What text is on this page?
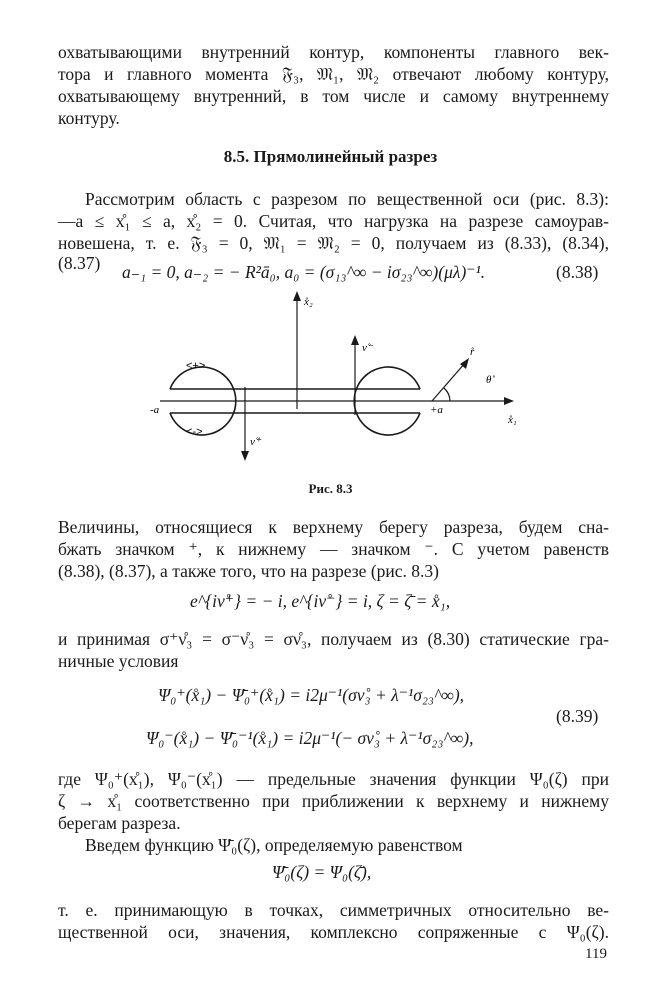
охватывающими внутренний контур, компоненты главного век-
тора и главного момента 𝔉₃, 𝔐₁, 𝔐₂ отвечают любому контуру,
охватывающему внутренний, в том числе и самому внутреннему
контуру.
8.5. Прямолинейный разрез
Рассмотрим область с разрезом по вещественной оси (рис. 8.3):
—a ≤ x̊₁ ≤ a, x̊₂ = 0. Считая, что нагрузка на разрезе самоурав-
новешена, т. е. 𝔉₃ = 0, 𝔐₁ = 𝔐₂ = 0, получаем из (8.33), (8.34),
(8.37)	a₋₁ = 0, a₋₂ = − R²ā₀, a₀ = (σ₁₃^∞ − iσ₂₃^∞)(μλ)⁻¹.	(8.38)
x̊₁
x̊₂
-a	+a
<+>
<->
ν̊⁻
ν̊⁺
r̊
θ̊
Рис. 8.3
Величины, относящиеся к верхнему берегу разреза, будем сна-
бжать значком ⁺, к нижнему — значком ⁻. С учетом равенств
(8.38), (8.37), а также того, что на разрезе (рис. 8.3)
e^{iν̊⁺} = − i, e^{iν̊⁻} = i, ζ = ζ̄ = x̊₁,
и принимая σ⁺ν̊₃ = σ⁻ν̊₃ = σν̊₃, получаем из (8.30) статические гра-
ничные условия
Ψ₀⁺(x̊₁) − Ψ̄₀⁺(x̊₁) = i2μ⁻¹(σν̊₃ + λ⁻¹σ₂₃^∞),
Ψ₀⁻(x̊₁) − Ψ̄₀⁻¹(x̊₁) = i2μ⁻¹(− σν̊₃ + λ⁻¹σ₂₃^∞),
(8.39)
где Ψ₀⁺(x̊₁), Ψ₀⁻(x̊₁) — предельные значения функции Ψ₀(ζ) при
ζ → x̊₁ соответственно при приближении к верхнему и нижнему
берегам разреза.
Введем функцию Ψ̄₀(ζ), определяемую равенством
Ψ̄₀(ζ) = Ψ₀(ζ̄),
т. е. принимающую в точках, симметричных относительно ве-
щественной оси, значения, комплексно сопряженные с Ψ₀(ζ).
119
